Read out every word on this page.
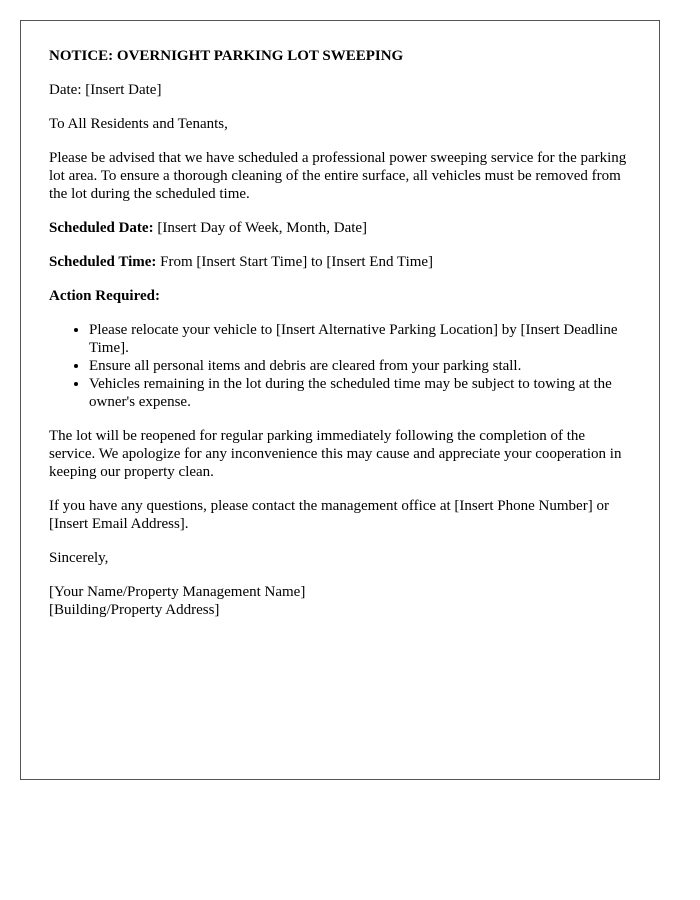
NOTICE: OVERNIGHT PARKING LOT SWEEPING

Date: [Insert Date]

To All Residents and Tenants,

Please be advised that we have scheduled a professional power sweeping service for the parking lot area. To ensure a thorough cleaning of the entire surface, all vehicles must be removed from the lot during the scheduled time.

Scheduled Date: [Insert Day of Week, Month, Date]

Scheduled Time: From [Insert Start Time] to [Insert End Time]

Action Required:

• Please relocate your vehicle to [Insert Alternative Parking Location] by [Insert Deadline Time].
• Ensure all personal items and debris are cleared from your parking stall.
• Vehicles remaining in the lot during the scheduled time may be subject to towing at the owner's expense.

The lot will be reopened for regular parking immediately following the completion of the service. We apologize for any inconvenience this may cause and appreciate your cooperation in keeping our property clean.

If you have any questions, please contact the management office at [Insert Phone Number] or [Insert Email Address].

Sincerely,

[Your Name/Property Management Name]
[Building/Property Address]
